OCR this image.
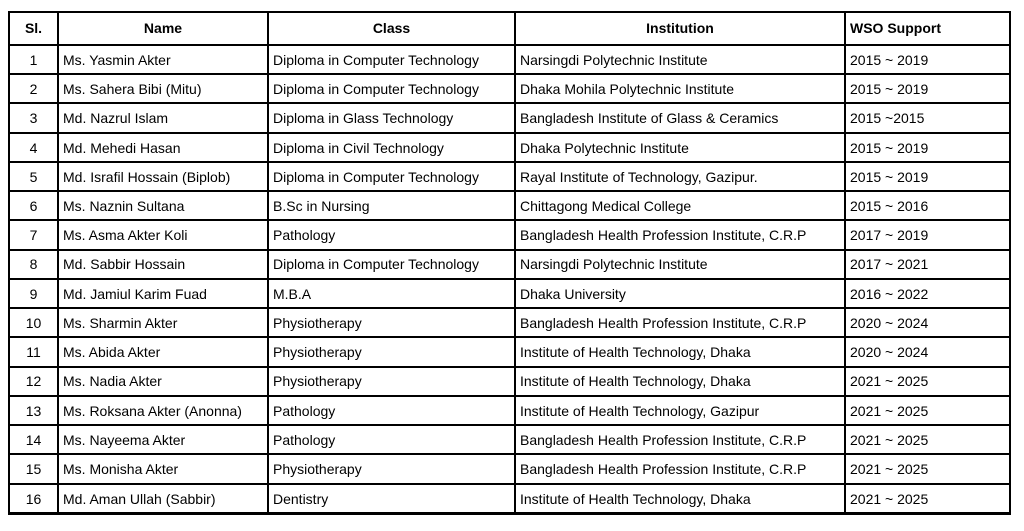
Sl.	Name	Class	Institution	WSO Support
1	Ms. Yasmin Akter	Diploma in Computer Technology	Narsingdi Polytechnic Institute	2015 ~ 2019
2	Ms. Sahera Bibi (Mitu)	Diploma in Computer Technology	Dhaka Mohila Polytechnic Institute	2015 ~ 2019
3	Md. Nazrul Islam	Diploma in Glass Technology	Bangladesh Institute of Glass & Ceramics	2015 ~2015
4	Md. Mehedi Hasan	Diploma in Civil Technology	Dhaka Polytechnic Institute	2015 ~ 2019
5	Md. Israfil Hossain (Biplob)	Diploma in Computer Technology	Rayal Institute of Technology, Gazipur.	2015 ~ 2019
6	Ms. Naznin Sultana	B.Sc in Nursing	Chittagong Medical College	2015 ~ 2016
7	Ms. Asma Akter Koli	Pathology	Bangladesh Health Profession Institute, C.R.P	2017 ~ 2019
8	Md. Sabbir Hossain	Diploma in Computer Technology	Narsingdi Polytechnic Institute	2017 ~ 2021
9	Md. Jamiul Karim Fuad	M.B.A	Dhaka University	2016 ~ 2022
10	Ms. Sharmin Akter	Physiotherapy	Bangladesh Health Profession Institute, C.R.P	2020 ~ 2024
11	Ms. Abida Akter	Physiotherapy	Institute of Health Technology, Dhaka	2020 ~ 2024
12	Ms. Nadia Akter	Physiotherapy	Institute of Health Technology, Dhaka	2021 ~ 2025
13	Ms. Roksana Akter (Anonna)	Pathology	Institute of Health Technology, Gazipur	2021 ~ 2025
14	Ms. Nayeema Akter	Pathology	Bangladesh Health Profession Institute, C.R.P	2021 ~ 2025
15	Ms. Monisha Akter	Physiotherapy	Bangladesh Health Profession Institute, C.R.P	2021 ~ 2025
16	Md. Aman Ullah (Sabbir)	Dentistry	Institute of Health Technology, Dhaka	2021 ~ 2025
